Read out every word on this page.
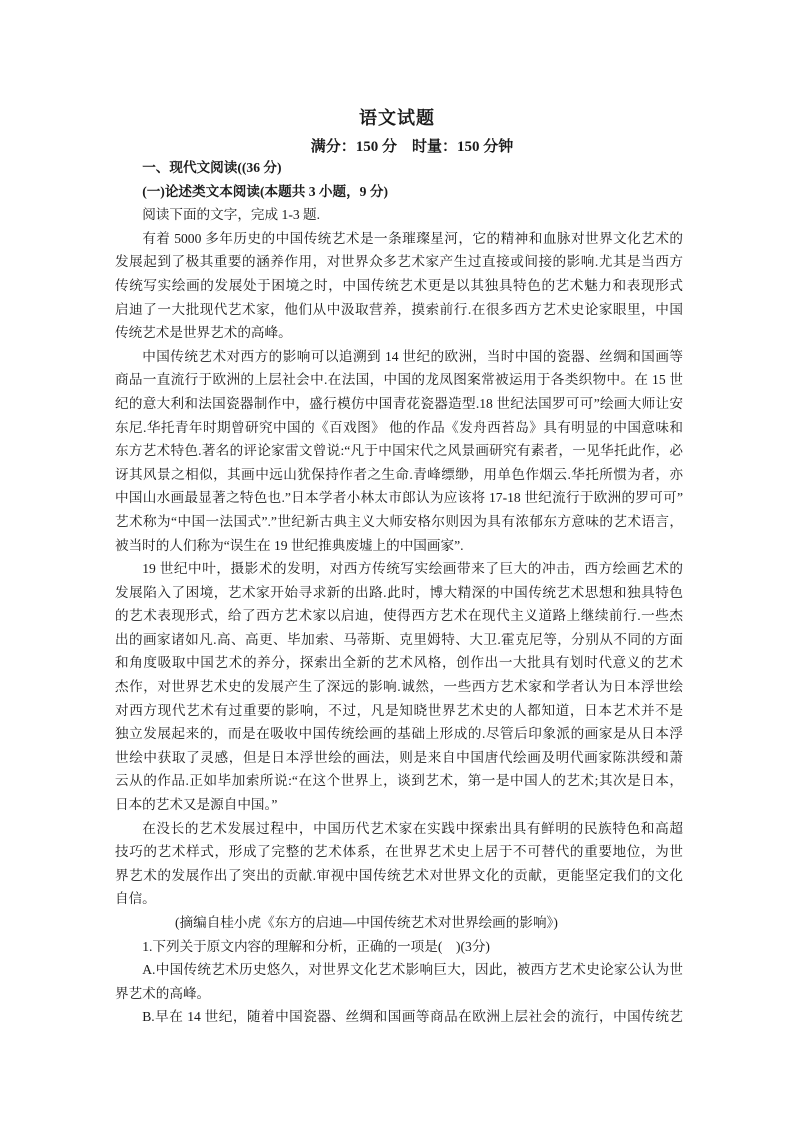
语文试题
满分：150 分　时量：150 分钟
一、现代文阅读((36 分)
(一)论述类文本阅读(本题共 3 小题，9 分)
阅读下面的文字，完成 1-3 题.
有着 5000 多年历史的中国传统艺术是一条璀璨星河，它的精神和血脉对世界文化艺术的
发展起到了极其重要的涵养作用，对世界众多艺术家产生过直接或间接的影响.尤其是当西方
传统写实绘画的发展处于困境之时，中国传统艺术更是以其独具特色的艺术魅力和表现形式
启迪了一大批现代艺术家，他们从中汲取营养，摸索前行.在很多西方艺术史论家眼里，中国
传统艺术是世界艺术的高峰。
中国传统艺术对西方的影响可以追溯到 14 世纪的欧洲，当时中国的瓷器、丝绸和国画等
商品一直流行于欧洲的上层社会中.在法国，中国的龙凤图案常被运用于各类织物中。在 15 世
纪的意大利和法国瓷器制作中，盛行模仿中国青花瓷器造型.18 世纪法国罗可可”绘画大师让安
东尼.华托青年时期曾研究中国的《百戏图》 他的作品《发舟西苔岛》具有明显的中国意味和
东方艺术特色.著名的评论家雷文曾说:“凡于中国宋代之风景画研究有素者，一见华托此作，必
讶其风景之相似，其画中远山犹保持作者之生命.青峰缥缈，用单色作烟云.华托所惯为者，亦
中国山水画最显著之特色也.”日本学者小林太市郎认为应该将 17-18 世纪流行于欧洲的罗可可”
艺术称为“中国一法国式”.”世纪新古典主义大师安格尔则因为具有浓郁东方意味的艺术语言，
被当时的人们称为“误生在 19 世纪推典废墟上的中国画家”.
19 世纪中叶，摄影术的发明，对西方传统写实绘画带来了巨大的冲击，西方绘画艺术的
发展陷入了困境，艺术家开始寻求新的出路.此时，博大精深的中国传统艺术思想和独具特色
的艺术表现形式，给了西方艺术家以启迪，使得西方艺术在现代主义道路上继续前行.一些杰
出的画家诸如凡.高、高更、毕加索、马蒂斯、克里姆特、大卫.霍克尼等，分别从不同的方面
和角度吸取中国艺术的养分，探索出全新的艺术风格，创作出一大批具有划时代意义的艺术
杰作，对世界艺术史的发展产生了深远的影响.诚然，一些西方艺术家和学者认为日本浮世绘
对西方现代艺术有过重要的影响，不过，凡是知晓世界艺术史的人都知道，日本艺术并不是
独立发展起来的，而是在吸收中国传统绘画的基础上形成的.尽管后印象派的画家是从日本浮
世绘中获取了灵感，但是日本浮世绘的画法，则是来自中国唐代绘画及明代画家陈洪绶和萧
云从的作品.正如毕加索所说:“在这个世界上，谈到艺术，第一是中国人的艺术;其次是日本，
日本的艺术又是源自中国。”
在没长的艺术发展过程中，中国历代艺术家在实践中探索出具有鲜明的民族特色和高超
技巧的艺术样式，形成了完整的艺术体系，在世界艺术史上居于不可替代的重要地位，为世
界艺术的发展作出了突出的贡献.审视中国传统艺术对世界文化的贡献，更能坚定我们的文化
自信。
(摘编自桂小虎《东方的启迪—中国传统艺术对世界绘画的影响》)
1.下列关于原文内容的理解和分析，正确的一项是(　)(3分)
A.中国传统艺术历史悠久，对世界文化艺术影响巨大，因此，被西方艺术史论家公认为世
界艺术的高峰。
B.早在 14 世纪，随着中国瓷器、丝绸和国画等商品在欧洲上层社会的流行，中国传统艺
